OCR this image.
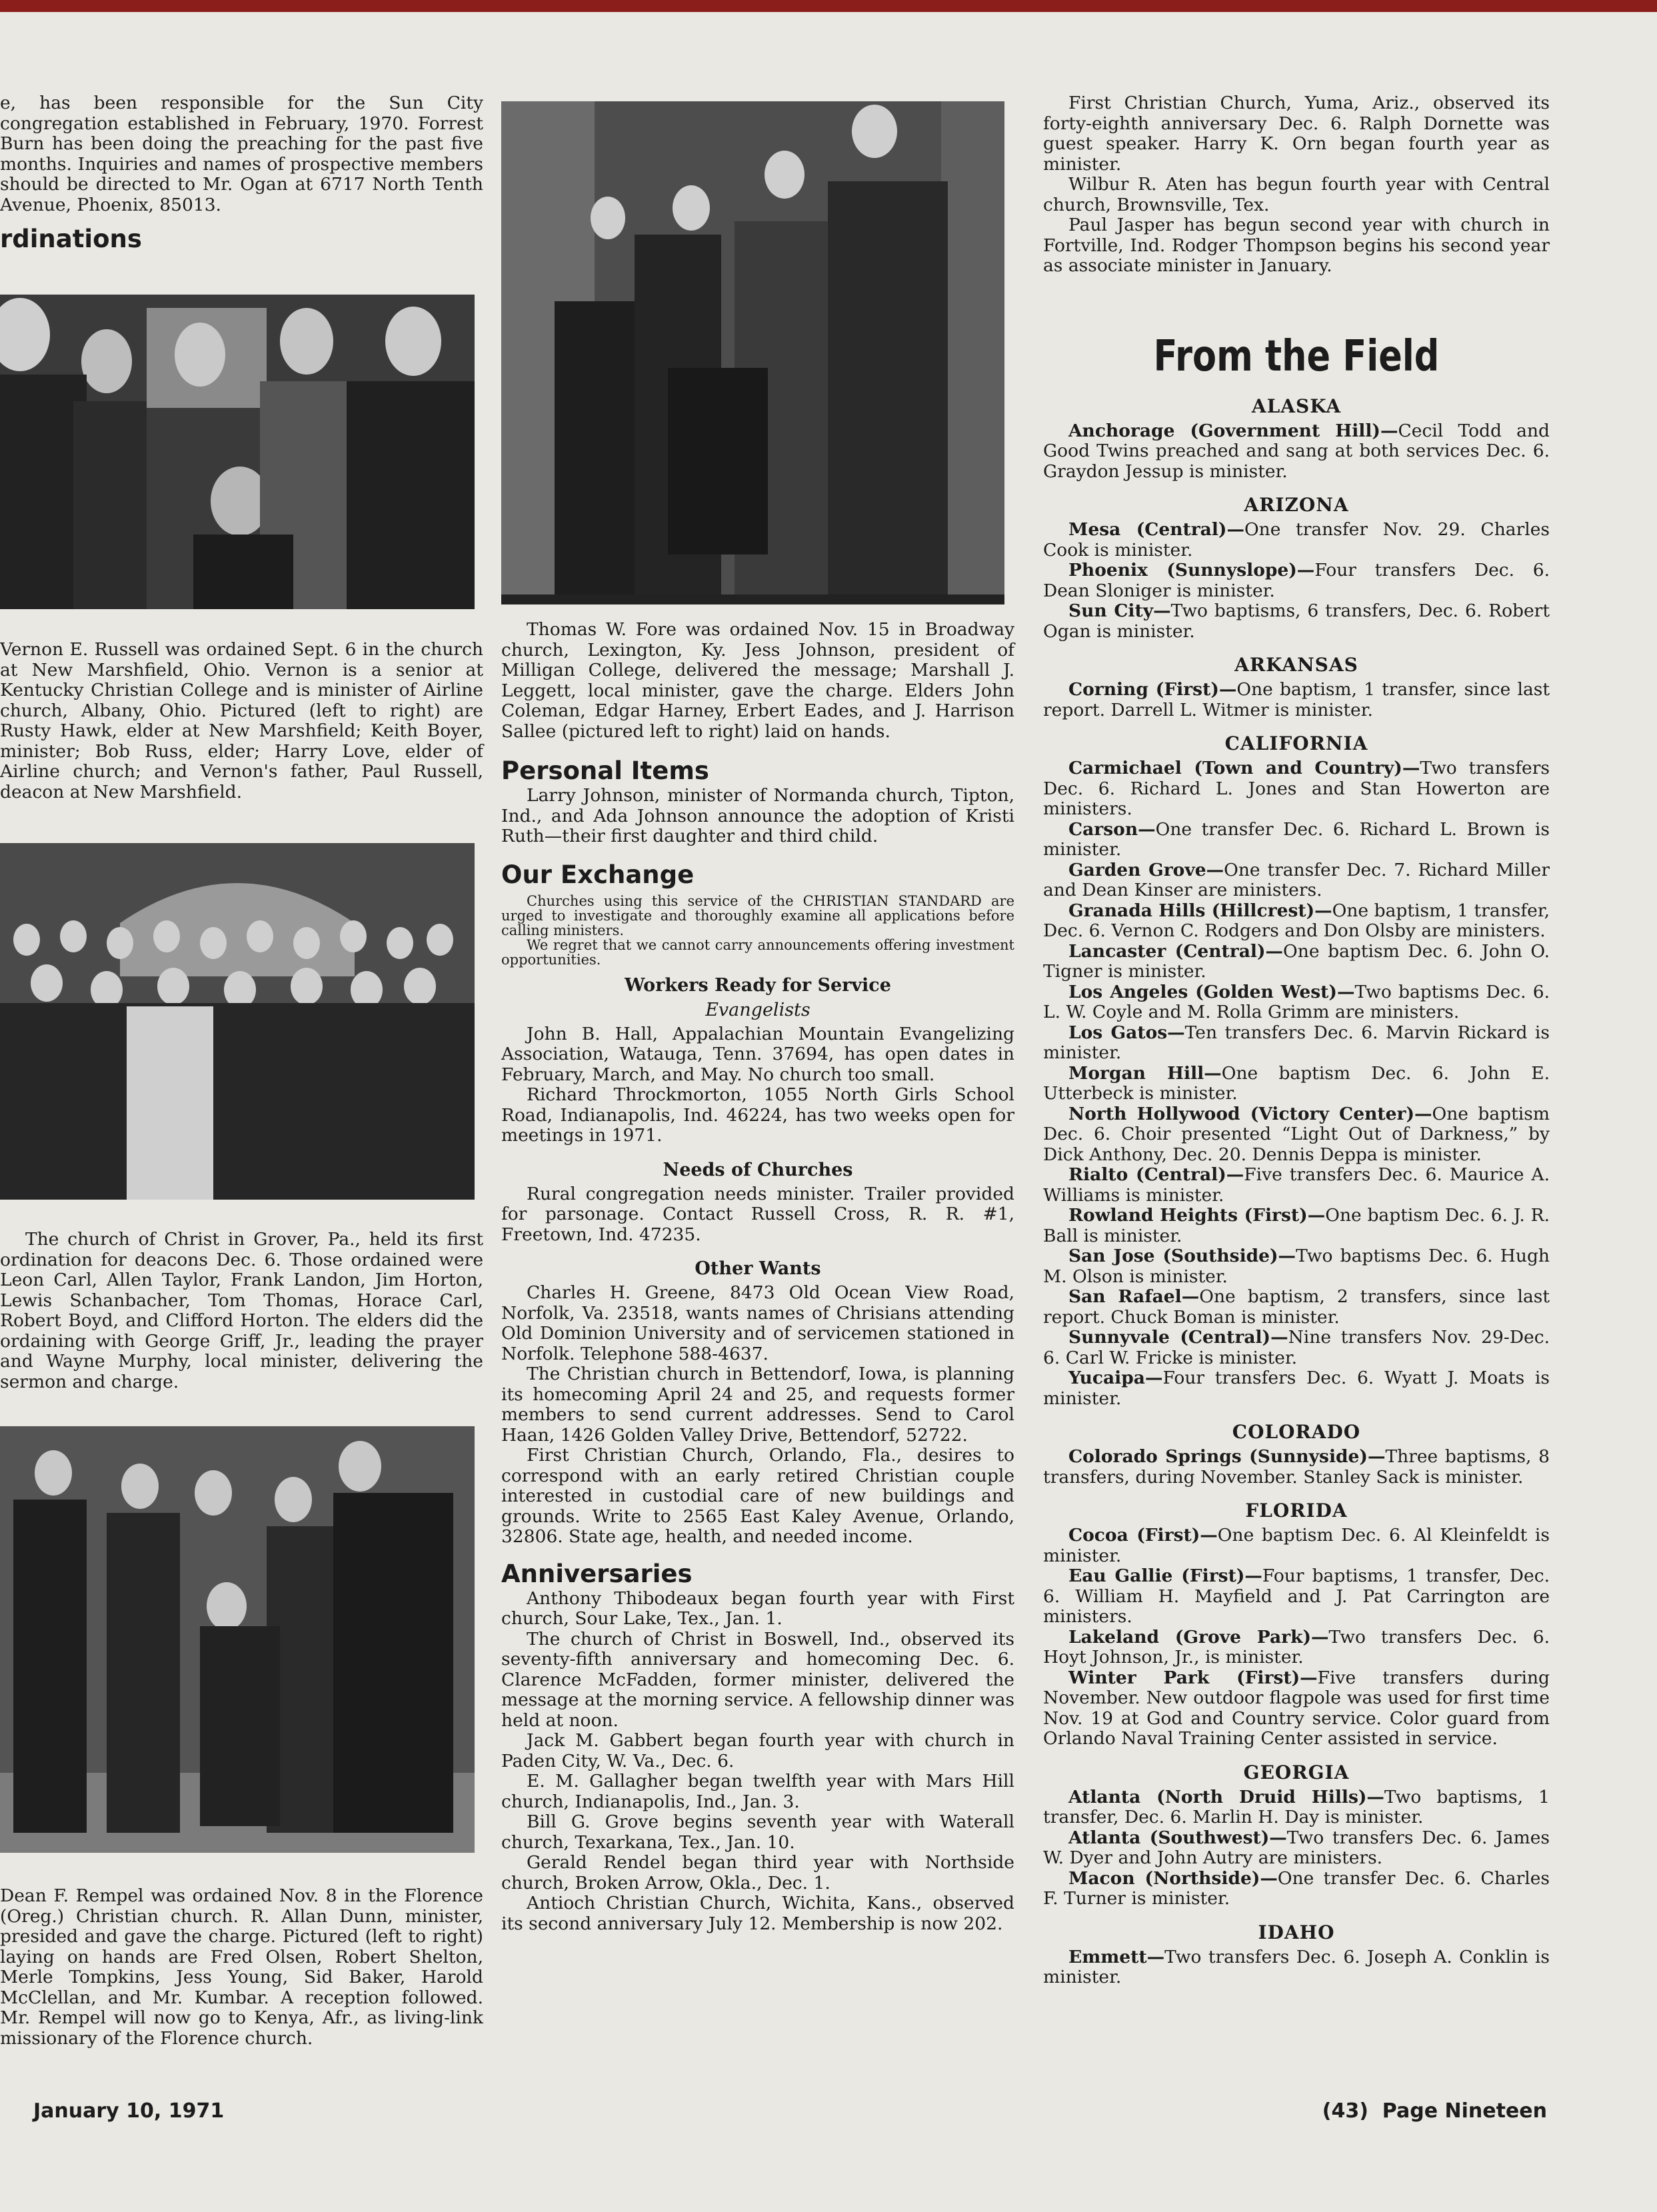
e, has been responsible for the Sun City congregation established in February, 1970. Forrest Burn has been doing the preaching for the past five months. Inquiries and names of prospective members should be directed to Mr. Ogan at 6717 North Tenth Avenue, Phoenix, 85013.

rdinations

Vernon E. Russell was ordained Sept. 6 in the church at New Marshfield, Ohio. Vernon is a senior at Kentucky Christian College and is minister of Airline church, Albany, Ohio. Pictured (left to right) are Rusty Hawk, elder at New Marshfield; Keith Boyer, minister; Bob Russ, elder; Harry Love, elder of Airline church; and Vernon's father, Paul Russell, deacon at New Marshfield.

The church of Christ in Grover, Pa., held its first ordination for deacons Dec. 6. Those ordained were Leon Carl, Allen Taylor, Frank Landon, Jim Horton, Lewis Schanbacher, Tom Thomas, Horace Carl, Robert Boyd, and Clifford Horton. The elders did the ordaining with George Griff, Jr., leading the prayer and Wayne Murphy, local minister, delivering the sermon and charge.

Dean F. Rempel was ordained Nov. 8 in the Florence (Oreg.) Christian church. R. Allan Dunn, minister, presided and gave the charge. Pictured (left to right) laying on hands are Fred Olsen, Robert Shelton, Merle Tompkins, Jess Young, Sid Baker, Harold McClellan, and Mr. Kumbar. A reception followed. Mr. Rempel will now go to Kenya, Afr., as living-link missionary of the Florence church.

Thomas W. Fore was ordained Nov. 15 in Broadway church, Lexington, Ky. Jess Johnson, president of Milligan College, delivered the message; Marshall J. Leggett, local minister, gave the charge. Elders John Coleman, Edgar Harney, Erbert Eades, and J. Harrison Sallee (pictured left to right) laid on hands.

Personal Items

Larry Johnson, minister of Normanda church, Tipton, Ind., and Ada Johnson announce the adoption of Kristi Ruth—their first daughter and third child.

Our Exchange

Churches using this service of the CHRISTIAN STANDARD are urged to investigate and thoroughly examine all applications before calling ministers.

We regret that we cannot carry announcements offering investment opportunities.

Workers Ready for Service
Evangelists

John B. Hall, Appalachian Mountain Evangelizing Association, Watauga, Tenn. 37694, has open dates in February, March, and May. No church too small.

Richard Throckmorton, 1055 North Girls School Road, Indianapolis, Ind. 46224, has two weeks open for meetings in 1971.

Needs of Churches

Rural congregation needs minister. Trailer provided for parsonage. Contact Russell Cross, R. R. #1, Freetown, Ind. 47235.

Other Wants

Charles H. Greene, 8473 Old Ocean View Road, Norfolk, Va. 23518, wants names of Chrisians attending Old Dominion University and of servicemen stationed in Norfolk. Telephone 588-4637.

The Christian church in Bettendorf, Iowa, is planning its homecoming April 24 and 25, and requests former members to send current addresses. Send to Carol Haan, 1426 Golden Valley Drive, Bettendorf, 52722.

First Christian Church, Orlando, Fla., desires to correspond with an early retired Christian couple interested in custodial care of new buildings and grounds. Write to 2565 East Kaley Avenue, Orlando, 32806. State age, health, and needed income.

Anniversaries

Anthony Thibodeaux began fourth year with First church, Sour Lake, Tex., Jan. 1.

The church of Christ in Boswell, Ind., observed its seventy-fifth anniversary and homecoming Dec. 6. Clarence McFadden, former minister, delivered the message at the morning service. A fellowship dinner was held at noon.

Jack M. Gabbert began fourth year with church in Paden City, W. Va., Dec. 6.

E. M. Gallagher began twelfth year with Mars Hill church, Indianapolis, Ind., Jan. 3.

Bill G. Grove begins seventh year with Waterall church, Texarkana, Tex., Jan. 10.

Gerald Rendel began third year with Northside church, Broken Arrow, Okla., Dec. 1.

Antioch Christian Church, Wichita, Kans., observed its second anniversary July 12. Membership is now 202.

First Christian Church, Yuma, Ariz., observed its forty-eighth anniversary Dec. 6. Ralph Dornette was guest speaker. Harry K. Orn began fourth year as minister.

Wilbur R. Aten has begun fourth year with Central church, Brownsville, Tex.

Paul Jasper has begun second year with church in Fortville, Ind. Rodger Thompson begins his second year as associate minister in January.

From the Field
ALASKA

Anchorage (Government Hill)—Cecil Todd and Good Twins preached and sang at both services Dec. 6. Graydon Jessup is minister.

ARIZONA

Mesa (Central)—One transfer Nov. 29. Charles Cook is minister.

Phoenix (Sunnyslope)—Four transfers Dec. 6. Dean Sloniger is minister.

Sun City—Two baptisms, 6 transfers, Dec. 6. Robert Ogan is minister.

ARKANSAS

Corning (First)—One baptism, 1 transfer, since last report. Darrell L. Witmer is minister.

CALIFORNIA

Carmichael (Town and Country)—Two transfers Dec. 6. Richard L. Jones and Stan Howerton are ministers.

Carson—One transfer Dec. 6. Richard L. Brown is minister.

Garden Grove—One transfer Dec. 7. Richard Miller and Dean Kinser are ministers.

Granada Hills (Hillcrest)—One baptism, 1 transfer, Dec. 6. Vernon C. Rodgers and Don Olsby are ministers.

Lancaster (Central)—One baptism Dec. 6. John O. Tigner is minister.

Los Angeles (Golden West)—Two baptisms Dec. 6. L. W. Coyle and M. Rolla Grimm are ministers.

Los Gatos—Ten transfers Dec. 6. Marvin Rickard is minister.

Morgan Hill—One baptism Dec. 6. John E. Utterbeck is minister.

North Hollywood (Victory Center)—One baptism Dec. 6. Choir presented “Light Out of Darkness,” by Dick Anthony, Dec. 20. Dennis Deppa is minister.

Rialto (Central)—Five transfers Dec. 6. Maurice A. Williams is minister.

Rowland Heights (First)—One baptism Dec. 6. J. R. Ball is minister.

San Jose (Southside)—Two baptisms Dec. 6. Hugh M. Olson is minister.

San Rafael—One baptism, 2 transfers, since last report. Chuck Boman is minister.

Sunnyvale (Central)—Nine transfers Nov. 29-Dec. 6. Carl W. Fricke is minister.

Yucaipa—Four transfers Dec. 6. Wyatt J. Moats is minister.

COLORADO

Colorado Springs (Sunnyside)—Three baptisms, 8 transfers, during November. Stanley Sack is minister.

FLORIDA

Cocoa (First)—One baptism Dec. 6. Al Kleinfeldt is minister.

Eau Gallie (First)—Four baptisms, 1 transfer, Dec. 6. William H. Mayfield and J. Pat Carrington are ministers.

Lakeland (Grove Park)—Two transfers Dec. 6. Hoyt Johnson, Jr., is minister.

Winter Park (First)—Five transfers during November. New outdoor flagpole was used for first time Nov. 19 at God and Country service. Color guard from Orlando Naval Training Center assisted in service.

GEORGIA

Atlanta (North Druid Hills)—Two baptisms, 1 transfer, Dec. 6. Marlin H. Day is minister.

Atlanta (Southwest)—Two transfers Dec. 6. James W. Dyer and John Autry are ministers.

Macon (Northside)—One transfer Dec. 6. Charles F. Turner is minister.

IDAHO

Emmett—Two transfers Dec. 6. Joseph A. Conklin is minister.

January 10, 1971	(43)  Page Nineteen
